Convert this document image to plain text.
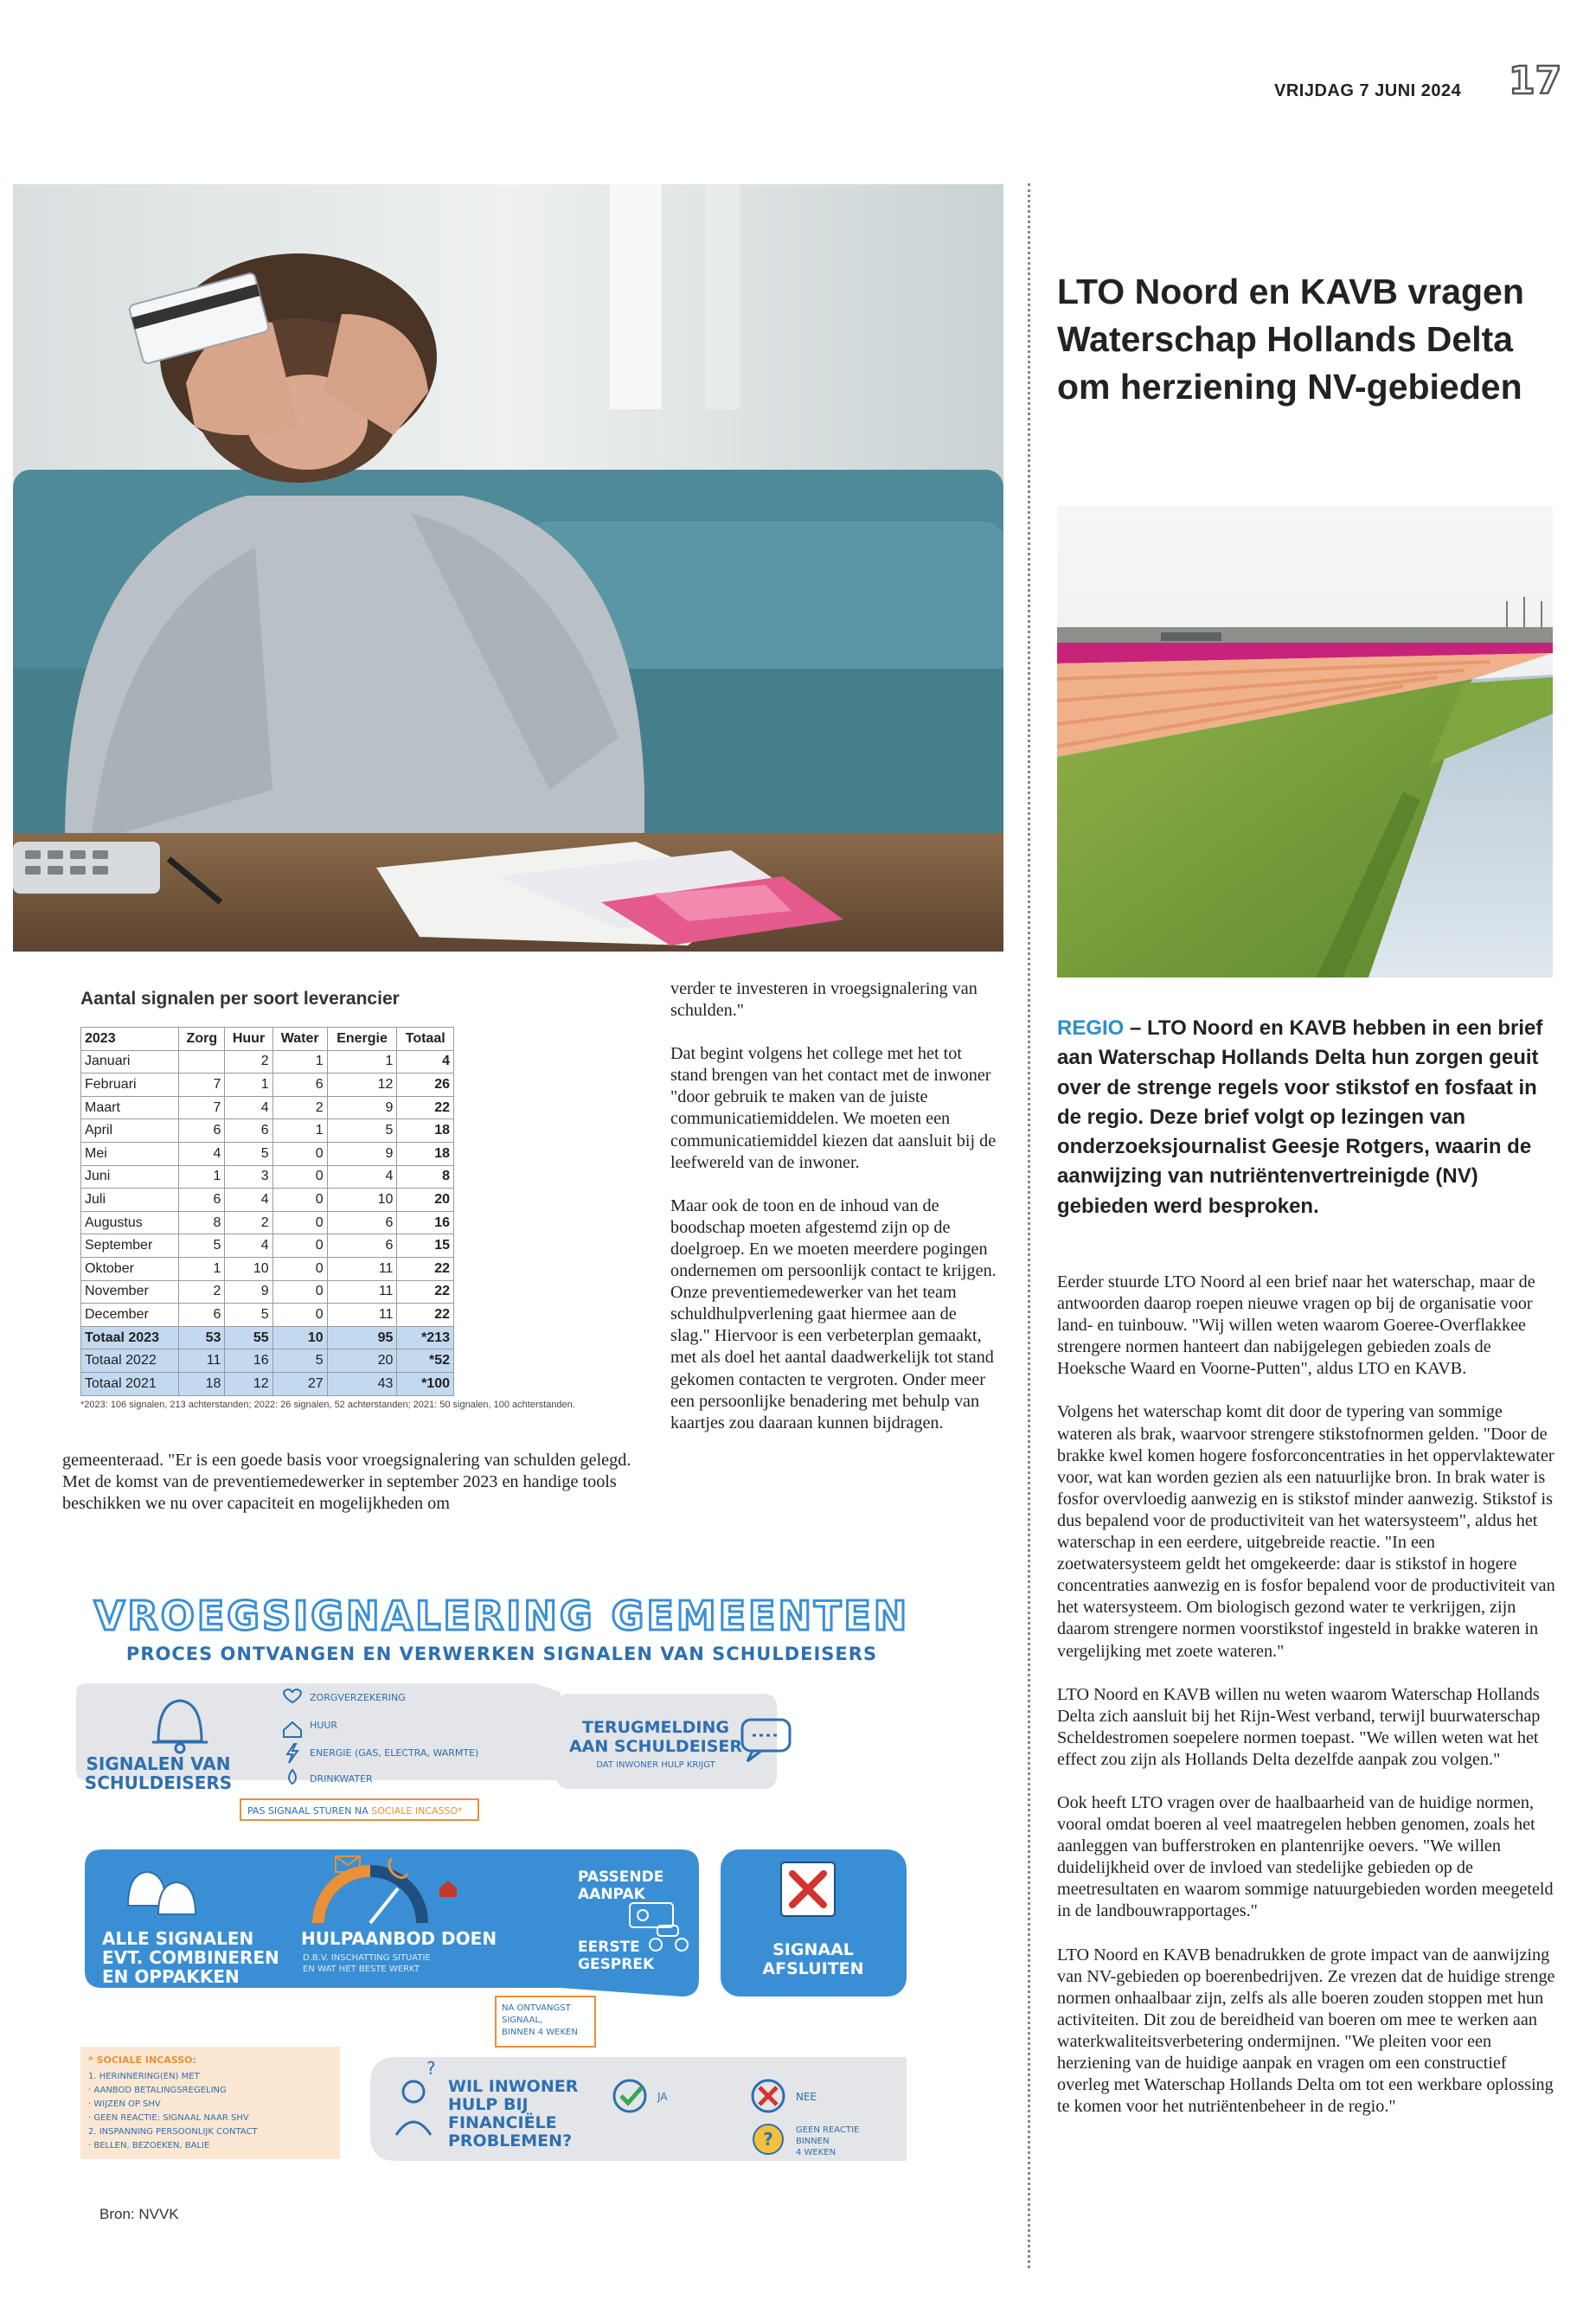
VRIJDAG 7 JUNI 2024 17
LTO Noord en KAVB vragen Waterschap Hollands Delta om herziening NV-gebieden
REGIO – LTO Noord en KAVB hebben in een brief aan Waterschap Hollands Delta hun zorgen geuit over de strenge regels voor stikstof en fosfaat in de regio. Deze brief volgt op lezingen van onderzoeksjournalist Geesje Rotgers, waarin de aanwijzing van nutriëntenvertreinigde (NV) gebieden werd besproken.

Eerder stuurde LTO Noord al een brief naar het waterschap, maar de antwoorden daarop roepen nieuwe vragen op bij de organisatie voor land- en tuinbouw. "Wij willen weten waarom Goeree-Overflakkee strengere normen hanteert dan nabijgelegen gebieden zoals de Hoeksche Waard en Voorne-Putten", aldus LTO en KAVB.

Volgens het waterschap komt dit door de typering van sommige wateren als brak, waarvoor strengere stikstofnormen gelden. "Door de brakke kwel komen hogere fosforconcentraties in het oppervlaktewater voor, wat kan worden gezien als een natuurlijke bron. In brak water is fosfor overvloedig aanwezig en is stikstof minder aanwezig. Stikstof is dus bepalend voor de productiviteit van het watersysteem", aldus het waterschap in een eerdere, uitgebreide reactie. "In een zoetwatersysteem geldt het omgekeerde: daar is stikstof in hogere concentraties aanwezig en is fosfor bepalend voor de productiviteit van het watersysteem. Om biologisch gezond water te verkrijgen, zijn daarom strengere normen voorstikstof ingesteld in brakke wateren in vergelijking met zoete wateren."

LTO Noord en KAVB willen nu weten waarom Waterschap Hollands Delta zich aansluit bij het Rijn-West verband, terwijl buurwaterschap Scheldestromen soepelere normen toepast. "We willen weten wat het effect zou zijn als Hollands Delta dezelfde aanpak zou volgen."

Ook heeft LTO vragen over de haalbaarheid van de huidige normen, vooral omdat boeren al veel maatregelen hebben genomen, zoals het aanleggen van bufferstroken en plantenrijke oevers. "We willen duidelijkheid over de invloed van stedelijke gebieden op de meetresultaten en waarom sommige natuurgebieden worden meegeteld in de landbouwrapportages."

LTO Noord en KAVB benadrukken de grote impact van de aanwijzing van NV-gebieden op boerenbedrijven. Ze vrezen dat de huidige strenge normen onhaalbaar zijn, zelfs als alle boeren zouden stoppen met hun activiteiten. Dit zou de bereidheid van boeren om mee te werken aan waterkwaliteitsverbetering ondermijnen. "We pleiten voor een herziening van de huidige aanpak en vragen om een constructief overleg met Waterschap Hollands Delta om tot een werkbare oplossing te komen voor het nutriëntenbeheer in de regio."

Aantal signalen per soort leverancier
2023	Zorg	Huur	Water	Energie	Totaal
Januari		2	1	1	4
Februari	7	1	6	12	26
Maart	7	4	2	9	22
April	6	6	1	5	18
Mei	4	5	0	9	18
Juni	1	3	0	4	8
Juli	6	4	0	10	20
Augustus	8	2	0	6	16
September	5	4	0	6	15
Oktober	1	10	0	11	22
November	2	9	0	11	22
December	6	5	0	11	22
Totaal 2023	53	55	10	95	*213
Totaal 2022	11	16	5	20	*52
Totaal 2021	18	12	27	43	*100
*2023: 106 signalen, 213 achterstanden; 2022: 26 signalen, 52 achterstanden; 2021: 50 signalen, 100 achterstanden.

verder te investeren in vroegsignalering van schulden."

Dat begint volgens het college met het tot stand brengen van het contact met de inwoner "door gebruik te maken van de juiste communicatiemiddelen. We moeten een communicatiemiddel kiezen dat aansluit bij de leefwereld van de inwoner.

Maar ook de toon en de inhoud van de boodschap moeten afgestemd zijn op de doelgroep. En we moeten meerdere pogingen ondernemen om persoonlijk contact te krijgen. Onze preventiemedewerker van het team schuldhulpverlening gaat hiermee aan de slag." Hiervoor is een verbeterplan gemaakt, met als doel het aantal daadwerkelijk tot stand gekomen contacten te vergroten. Onder meer een persoonlijke benadering met behulp van kaartjes zou daaraan kunnen bijdragen.

gemeenteraad. "Er is een goede basis voor vroegsignalering van schulden gelegd. Met de komst van de preventiemedewerker in september 2023 en handige tools beschikken we nu over capaciteit en mogelijkheden om
VROEGSIGNALERING GEMEENTEN
PROCES ONTVANGEN EN VERWERKEN SIGNALEN VAN SCHULDEISERS
SIGNALEN VAN
SCHULDEISERS
ZORGVERZEKERING
HUUR
ENERGIE (GAS, ELECTRA, WARMTE)
DRINKWATER
PAS SIGNAAL STUREN NA SOCIALE INCASSO*
TERUGMELDING
AAN SCHULDEISER
DAT INWONER HULP KRIJGT
ALLE SIGNALEN
EVT. COMBINEREN
EN OPPAKKEN
HULPAANBOD DOEN
D.B.V. INSCHATTING SITUATIE
EN WAT HET BESTE WERKT
PASSENDE
AANPAK
EERSTE
GESPREK
SIGNAAL
AFSLUITEN
NA ONTVANGST
SIGNAAL,
BINNEN 4 WEKEN
?
WIL INWONER
HULP BIJ
FINANCIËLE
PROBLEMEN?
JA	NEE
?	GEEN REACTIE
BINNEN
4 WEKEN
* SOCIALE INCASSO:
1. HERINNERING(EN) MET
· AANBOD BETALINGSREGELING
· WIJZEN OP SHV
· GEEN REACTIE: SIGNAAL NAAR SHV
2. INSPANNING PERSOONLIJK CONTACT
· BELLEN, BEZOEKEN, BALIE
Bron: NVVK
